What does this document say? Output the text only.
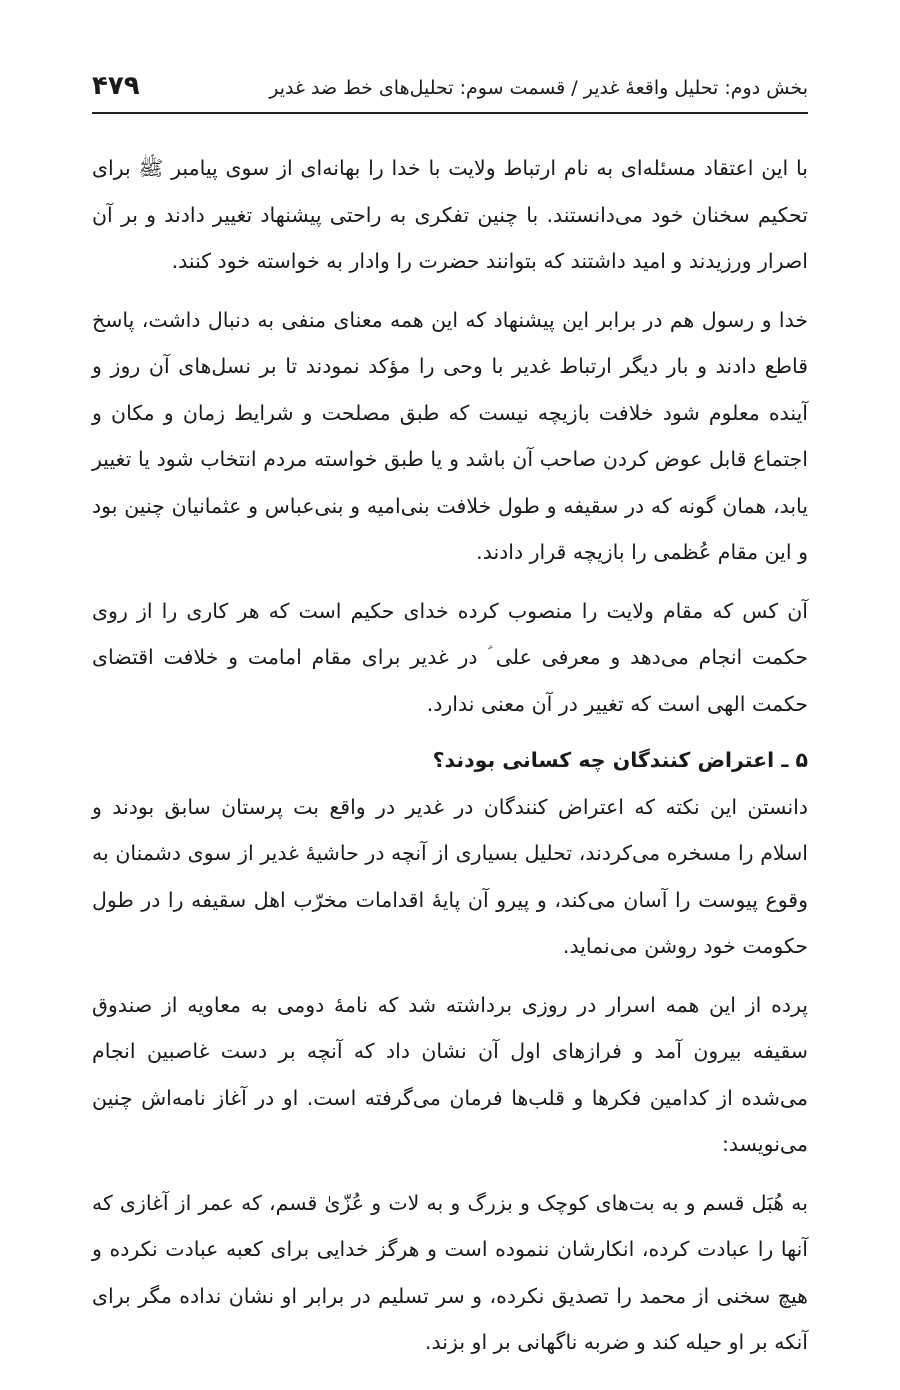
بخش دوم: تحلیل واقعهٔ غدیر / قسمت سوم: تحلیل‌های خط ضد غدیر
۴۷۹

با این اعتقاد مسئله‌ای به نام ارتباط ولایت با خدا را بهانه‌ای از سوی پیامبر ﷺ برای تحکیم سخنان خود می‌دانستند. با چنین تفکری به راحتی پیشنهاد تغییر دادند و بر آن اصرار ورزیدند و امید داشتند که بتوانند حضرت را وادار به خواسته خود کنند.

خدا و رسول هم در برابر این پیشنهاد که این همه معنای منفی به دنبال داشت، پاسخ قاطع دادند و بار دیگر ارتباط غدیر با وحی را مؤکد نمودند تا بر نسل‌های آن روز و آینده معلوم شود خلافت بازیچه نیست که طبق مصلحت و شرایط زمان و مکان و اجتماع قابل عوض کردن صاحب آن باشد و یا طبق خواسته مردم انتخاب شود یا تغییر یابد، همان گونه که در سقیفه و طول خلافت بنی‌امیه و بنی‌عباس و عثمانیان چنین بود و این مقام عُظمی را بازیچه قرار دادند.

آن کس که مقام ولایت را منصوب کرده خدای حکیم است که هر کاری را از روی حکمت انجام می‌دهد و معرفی علی ؑ در غدیر برای مقام امامت و خلافت اقتضای حکمت الهی است که تغییر در آن معنی ندارد.

۵ ـ اعتراض کنندگان چه کسانی بودند؟

دانستن این نکته که اعتراض کنندگان در غدیر در واقع بت پرستان سابق بودند و اسلام را مسخره می‌کردند، تحلیل بسیاری از آنچه در حاشیهٔ غدیر از سوی دشمنان به وقوع پیوست را آسان می‌کند، و پیرو آن پایهٔ اقدامات مخرّب اهل سقیفه را در طول حکومت خود روشن می‌نماید.

پرده از این همه اسرار در روزی برداشته شد که نامهٔ دومی به معاویه از صندوق سقیفه بیرون آمد و فرازهای اول آن نشان داد که آنچه بر دست غاصبین انجام می‌شده از کدامین فکرها و قلب‌ها فرمان می‌گرفته است. او در آغاز نامه‌اش چنین می‌نویسد:

به هُبَل قسم و به بت‌های کوچک و بزرگ و به لات و عُزّیٰ قسم، که عمر از آغازی که آنها را عبادت کرده، انکارشان ننموده است و هرگز خدایی برای کعبه عبادت نکرده و هیچ سخنی از محمد را تصدیق نکرده، و سر تسلیم در برابر او نشان نداده مگر برای آنکه بر او حیله کند و ضربه ناگهانی بر او بزند.
